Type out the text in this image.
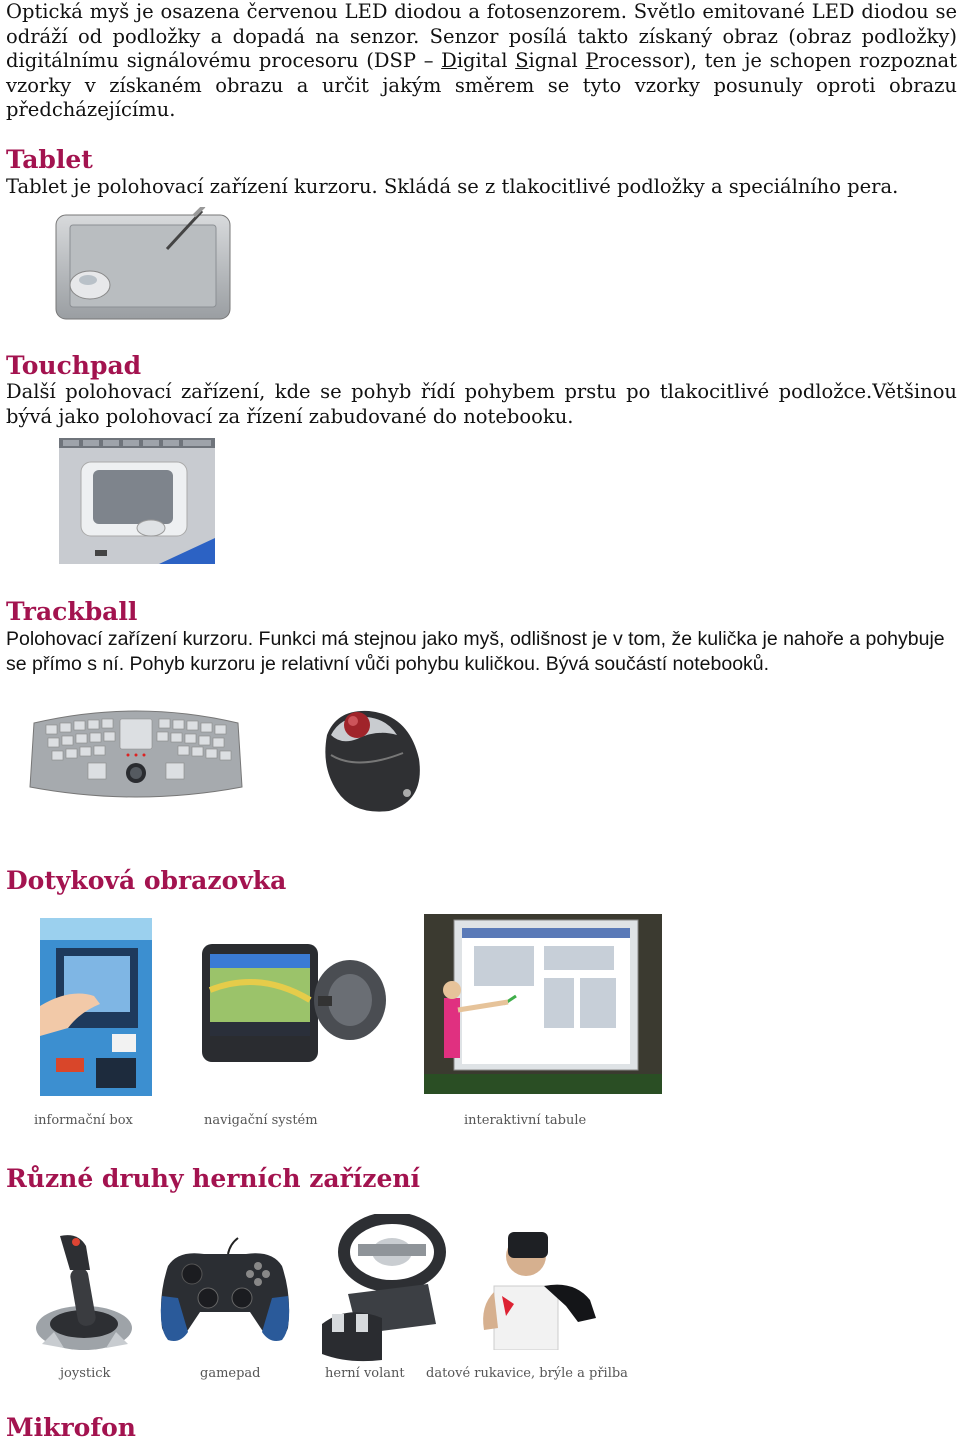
Optická myš je osazena červenou LED diodou a fotosenzorem. Světlo emitované LED diodou se odráží od podložky a dopadá na senzor. Senzor posílá takto získaný obraz (obraz podložky) digitálnímu signálovému procesoru (DSP – Digital Signal Processor), ten je schopen rozpoznat vzorky v získaném obrazu a určit jakým směrem se tyto vzorky posunuly oproti obrazu předcházejícímu.
Tablet
Tablet je polohovací zařízení kurzoru. Skládá se z tlakocitlivé podložky a speciálního pera.
Touchpad
Další polohovací zařízení, kde se pohyb řídí pohybem prstu po tlakocitlivé podložce.Většinou bývá jako polohovací za řízení zabudované do notebooku.
Trackball
Polohovací zařízení kurzoru. Funkci má stejnou jako myš, odlišnost je v tom, že kulička je nahoře a pohybuje se přímo s ní. Pohyb kurzoru je relativní vůči pohybu kuličkou. Bývá součástí notebooků.
Dotyková obrazovka
informační box	navigační systém	interaktivní tabule
Různé druhy herních zařízení
joystick	gamepad	herní volant datové rukavice, brýle a přilba
Mikrofon
